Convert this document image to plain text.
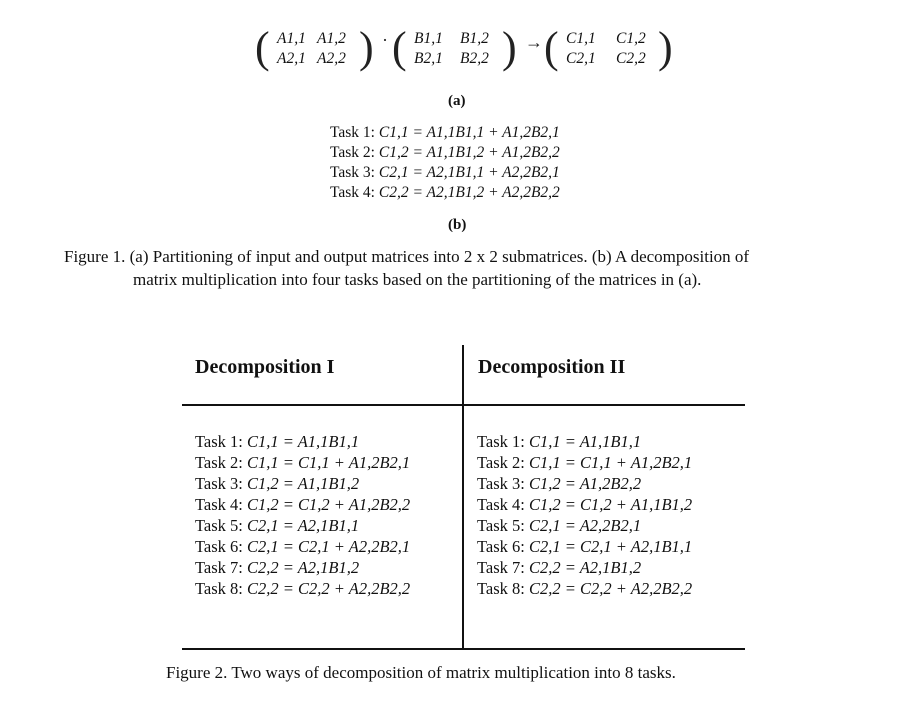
( A1,1 A1,2
A2,1 A2,2 ) · ( B1,1 B1,2
B2,1 B2,2 ) → ( C1,1 C1,2
C2,1 C2,2 )
(a)
Task 1: C1,1 = A1,1B1,1 + A1,2B2,1
Task 2: C1,2 = A1,1B1,2 + A1,2B2,2
Task 3: C2,1 = A2,1B1,1 + A2,2B2,1
Task 4: C2,2 = A2,1B1,2 + A2,2B2,2
(b)
Figure 1. (a) Partitioning of input and output matrices into 2 x 2 submatrices. (b) A decomposition of
matrix multiplication into four tasks based on the partitioning of the matrices in (a).
Decomposition I	Decomposition II
Task 1: C1,1 = A1,1B1,1
Task 2: C1,1 = C1,1 + A1,2B2,1
Task 3: C1,2 = A1,1B1,2
Task 4: C1,2 = C1,2 + A1,2B2,2
Task 5: C2,1 = A2,1B1,1
Task 6: C2,1 = C2,1 + A2,2B2,1
Task 7: C2,2 = A2,1B1,2
Task 8: C2,2 = C2,2 + A2,2B2,2
Task 1: C1,1 = A1,1B1,1
Task 2: C1,1 = C1,1 + A1,2B2,1
Task 3: C1,2 = A1,2B2,2
Task 4: C1,2 = C1,2 + A1,1B1,2
Task 5: C2,1 = A2,2B2,1
Task 6: C2,1 = C2,1 + A2,1B1,1
Task 7: C2,2 = A2,1B1,2
Task 8: C2,2 = C2,2 + A2,2B2,2
Figure 2. Two ways of decomposition of matrix multiplication into 8 tasks.
